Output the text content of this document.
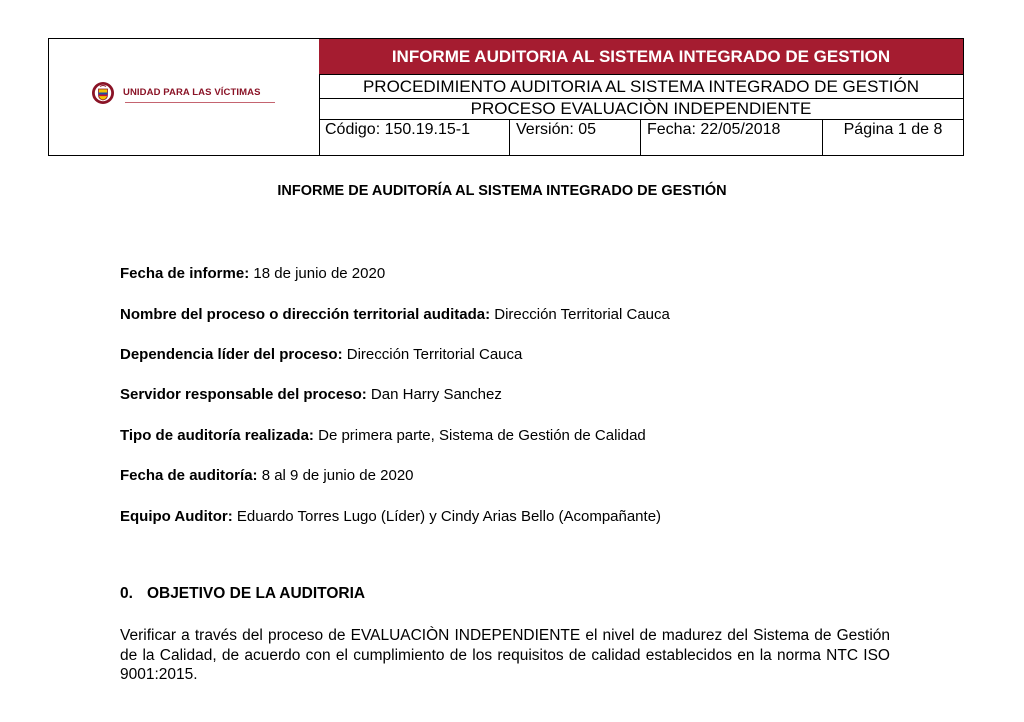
UNIDAD PARA LAS VÍCTIMAS
INFORME AUDITORIA AL SISTEMA INTEGRADO DE GESTION
PROCEDIMIENTO AUDITORIA AL SISTEMA INTEGRADO DE GESTIÓN
PROCESO EVALUACIÒN INDEPENDIENTE
Código: 150.19.15-1	Versión: 05	Fecha: 22/05/2018	Página 1 de 8
INFORME DE AUDITORÍA AL SISTEMA INTEGRADO DE GESTIÓN
Fecha de informe: 18 de junio de 2020
Nombre del proceso o dirección territorial auditada: Dirección Territorial Cauca
Dependencia líder del proceso: Dirección Territorial Cauca
Servidor responsable del proceso: Dan Harry Sanchez
Tipo de auditoría realizada: De primera parte, Sistema de Gestión de Calidad
Fecha de auditoría: 8 al 9 de junio de 2020
Equipo Auditor: Eduardo Torres Lugo (Líder) y Cindy Arias Bello (Acompañante)
0. OBJETIVO DE LA AUDITORIA
Verificar a través del proceso de EVALUACIÒN INDEPENDIENTE el nivel de madurez del Sistema de Gestión de la Calidad, de acuerdo con el cumplimiento de los requisitos de calidad establecidos en la norma NTC ISO 9001:2015.
